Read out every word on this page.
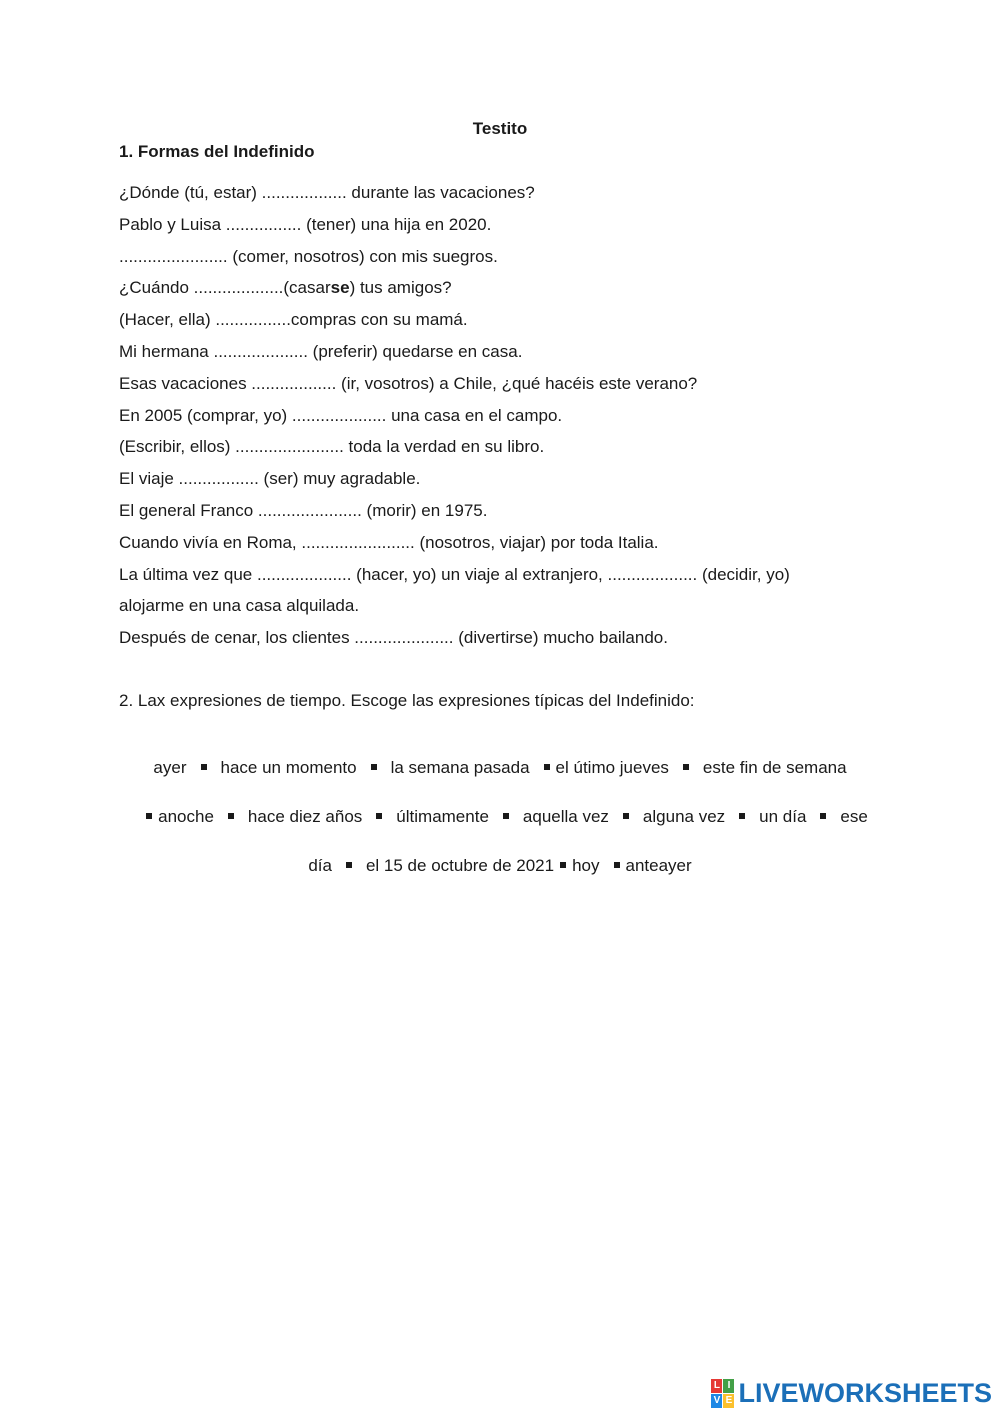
Testito
1. Formas del Indefinido
¿Dónde (tú, estar) .................. durante las vacaciones?
Pablo y Luisa ................ (tener) una hija en 2020.
....................... (comer, nosotros) con mis suegros.
¿Cuándo ...................(casarse) tus amigos?
(Hacer, ella) ................compras con su mamá.
Mi hermana .................... (preferir) quedarse en casa.
Esas vacaciones .................. (ir, vosotros) a Chile, ¿qué hacéis este verano?
En 2005 (comprar, yo) .................... una casa en el campo.
(Escribir, ellos) ....................... toda la verdad en su libro.
El viaje ................. (ser) muy agradable.
El general Franco ...................... (morir) en 1975.
Cuando vivía en Roma, ........................ (nosotros, viajar) por toda Italia.
La última vez que .................... (hacer, yo) un viaje al extranjero, ................... (decidir, yo)
alojarme en una casa alquilada.
Después de cenar, los clientes ..................... (divertirse) mucho bailando.
2. Lax expresiones de tiempo. Escoge las expresiones típicas del Indefinido:
ayer hace un momento la semana pasada el útimo jueves este fin de semana
anoche hace diez años últimamente aquella vez alguna vez un día ese
día el 15 de octubre de 2021 hoy anteayer
L I
V E LIVEWORKSHEETS
